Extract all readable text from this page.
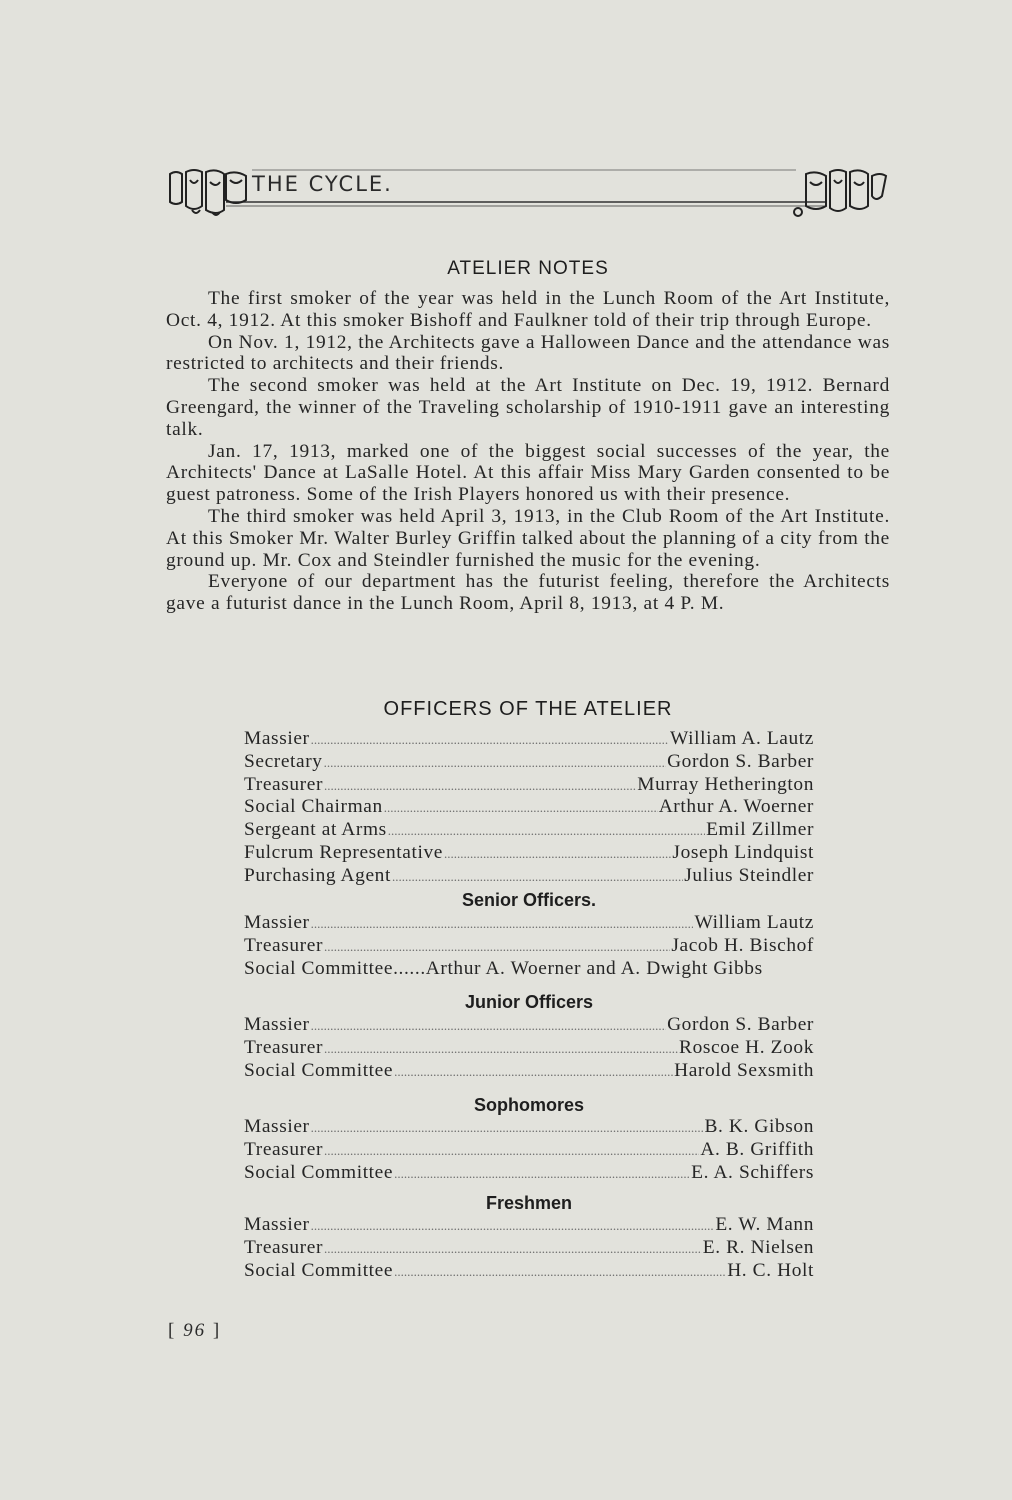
THE CYCLE.
ATELIER NOTES

The first smoker of the year was held in the Lunch Room of the Art Institute, Oct. 4, 1912. At this smoker Bishoff and Faulkner told of their trip through Europe.

On Nov. 1, 1912, the Architects gave a Halloween Dance and the attendance was restricted to architects and their friends.

The second smoker was held at the Art Institute on Dec. 19, 1912. Bernard Greengard, the winner of the Traveling scholarship of 1910-1911 gave an interesting talk.

Jan. 17, 1913, marked one of the biggest social successes of the year, the Architects' Dance at LaSalle Hotel. At this affair Miss Mary Garden consented to be guest patroness. Some of the Irish Players honored us with their presence.

The third smoker was held April 3, 1913, in the Club Room of the Art Institute. At this Smoker Mr. Walter Burley Griffin talked about the planning of a city from the ground up. Mr. Cox and Steindler furnished the music for the evening.

Everyone of our department has the futurist feeling, therefore the Architects gave a futurist dance in the Lunch Room, April 8, 1913, at 4 P. M.

OFFICERS OF THE ATELIER
Massier .....	William A. Lautz
Secretary .....	Gordon S. Barber
Treasurer .....	Murray Hetherington
Social Chairman .....	Arthur A. Woerner
Sergeant at Arms .....	Emil Zillmer
Fulcrum Representative .....	Joseph Lindquist
Purchasing Agent .....	Julius Steindler
Senior Officers.
Massier .....	William Lautz
Treasurer .....	Jacob H. Bischof
Social Committee...... Arthur A. Woerner and A. Dwight Gibbs
Junior Officers
Massier .....	Gordon S. Barber
Treasurer .....	Roscoe H. Zook
Social Committee .....	Harold Sexsmith
Sophomores
Massier .....	B. K. Gibson
Treasurer .....	A. B. Griffith
Social Committee .....	E. A. Schiffers
Freshmen
Massier .....	E. W. Mann
Treasurer .....	E. R. Nielsen
Social Committee .....	H. C. Holt
[ 96 ]
